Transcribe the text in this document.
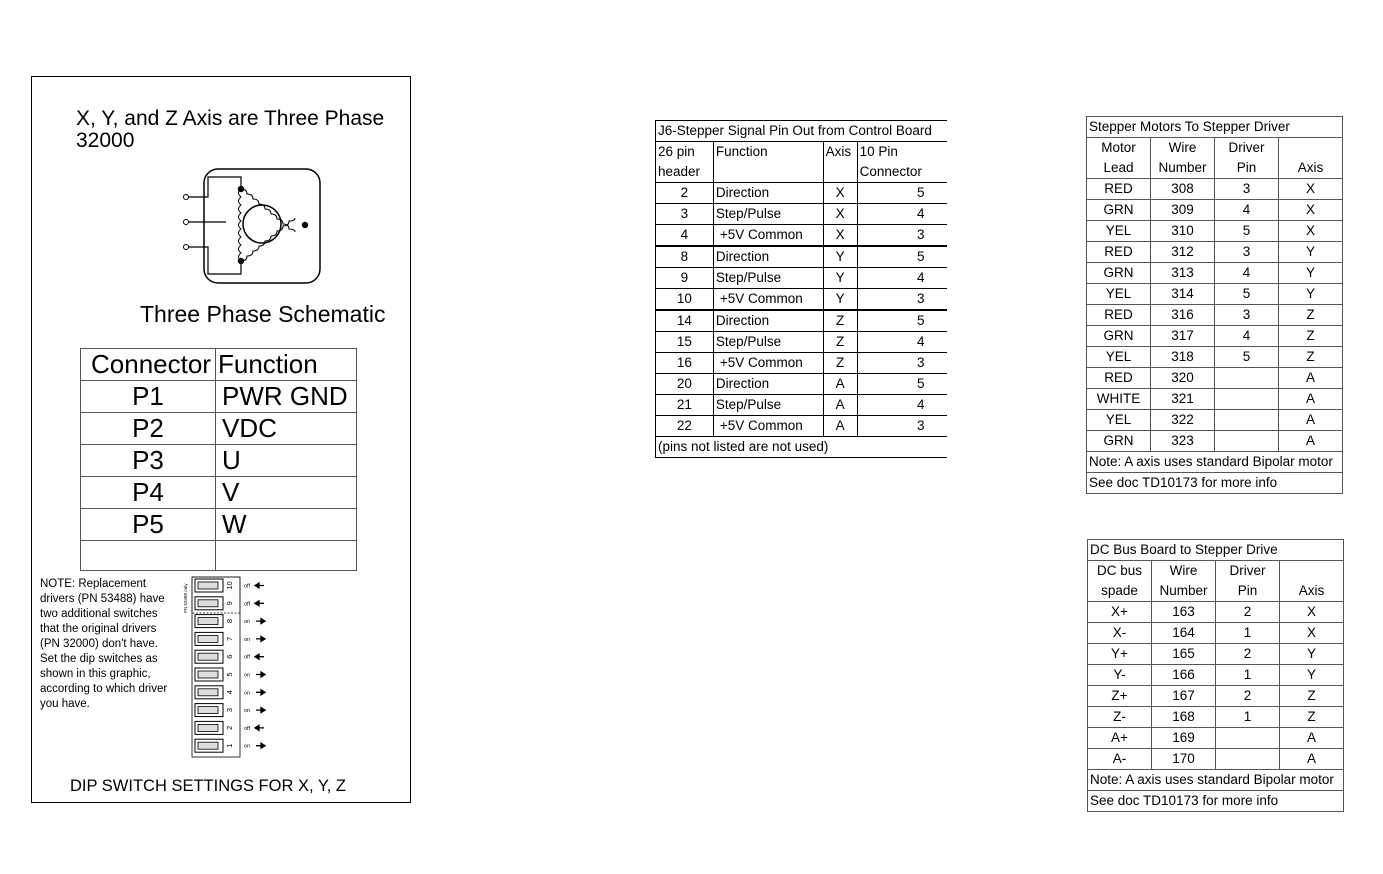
X, Y, and Z Axis are Three Phase 32000
Three Phase Schematic
Connector	Function
P1	PWR GND
P2	VDC
P3	U
P4	V
P5	W

NOTE: Replacement drivers (PN 53488) have two additional switches that the original drivers (PN 32000) don't have. Set the dip switches as shown in this graphic, according to which driver you have.
PN 53488 only	10 off
9 off
8 on
7 on
6 off
5 on
4 on
3 on
2 off
1 on
DIP SWITCH SETTINGS FOR X, Y, Z
J6-Stepper Signal Pin Out from Control Board			
26 pin	Function	Axis	10 Pin
header			Connector
2	Direction	X	5
3	Step/Pulse	X	4
4	+5V Common	X	3
8	Direction	Y	5
9	Step/Pulse	Y	4
10	+5V Common	Y	3
14	Direction	Z	5
15	Step/Pulse	Z	4
16	+5V Common	Z	3
20	Direction	A	5
21	Step/Pulse	A	4
22	+5V Common	A	3
(pins not listed are not used)			
Stepper Motors To Stepper Driver			
Motor	Wire	Driver	
Lead	Number	Pin	Axis
RED	308	3	X
GRN	309	4	X
YEL	310	5	X
RED	312	3	Y
GRN	313	4	Y
YEL	314	5	Y
RED	316	3	Z
GRN	317	4	Z
YEL	318	5	Z
RED	320		A
WHITE	321		A
YEL	322		A
GRN	323		A
Note: A axis uses standard Bipolar motor			
See doc TD10173 for more info			
DC Bus Board to Stepper Drive			
DC bus	Wire	Driver	
spade	Number	Pin	Axis
X+	163	2	X
X-	164	1	X
Y+	165	2	Y
Y-	166	1	Y
Z+	167	2	Z
Z-	168	1	Z
A+	169		A
A-	170		A
Note: A axis uses standard Bipolar motor			
See doc TD10173 for more info			
